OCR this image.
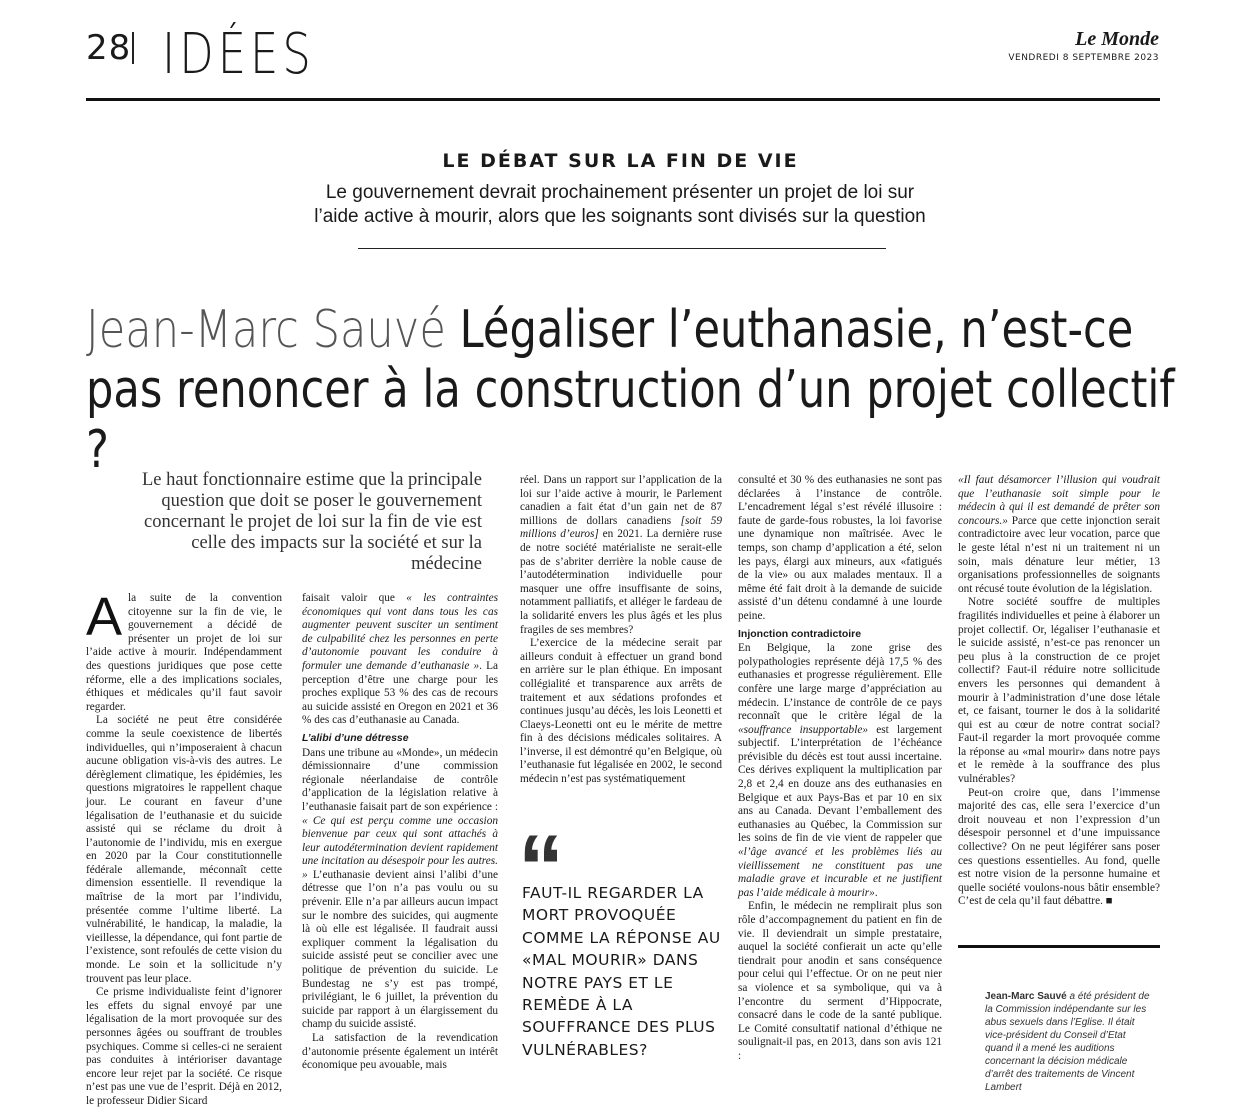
28 IDÉES	Le Monde
VENDREDI 8 SEPTEMBRE 2023
LE DÉBAT SUR LA FIN DE VIE
Le gouvernement devrait prochainement présenter un projet de loi sur l’aide active à mourir, alors que les soignants sont divisés sur la question
Jean-Marc Sauvé Légaliser l’euthanasie, n’est-ce pas renoncer à la construction d’un projet collectif ?	Le haut fonctionnaire estime que la principale question que doit se poser le gouvernement concernant le projet de loi sur la fin de vie est celle des impacts sur la société et sur la médecine

Ala suite de la convention citoyenne sur la fin de vie, le gouvernement a décidé de présenter un projet de loi sur l’aide active à mourir. Indépendamment des questions juridiques que pose cette réforme, elle a des implications sociales, éthiques et médicales qu’il faut savoir regarder.

La société ne peut être considérée comme la seule coexistence de libertés individuelles, qui n’imposeraient à chacun aucune obligation vis-à-vis des autres. Le dérèglement climatique, les épidémies, les questions migratoires le rappellent chaque jour. Le courant en faveur d’une légalisation de l’euthanasie et du suicide assisté qui se réclame du droit à l’autonomie de l’individu, mis en exergue en 2020 par la Cour constitutionnelle fédérale allemande, méconnaît cette dimension essentielle. Il revendique la maîtrise de la mort par l’individu, présentée comme l’ultime liberté. La vulnérabilité, le handicap, la maladie, la vieillesse, la dépendance, qui font partie de l’existence, sont refoulés de cette vision du monde. Le soin et la sollicitude n’y trouvent pas leur place.

Ce prisme individualiste feint d’ignorer les effets du signal envoyé par une légalisation de la mort provoquée sur des personnes âgées ou souffrant de troubles psychiques. Comme si celles-ci ne seraient pas conduites à intérioriser davantage encore leur rejet par la société. Ce risque n’est pas une vue de l’esprit. Déjà en 2012, le professeur Didier Sicard

faisait valoir que « les contraintes économiques qui vont dans tous les cas augmenter peuvent susciter un sentiment de culpabilité chez les personnes en perte d’autonomie pouvant les conduire à formuler une demande d’euthanasie ». La perception d’être une charge pour les proches explique 53 % des cas de recours au suicide assisté en Oregon en 2021 et 36 % des cas d’euthanasie au Canada.

L’alibi d’une détresse

Dans une tribune au «Monde», un médecin démissionnaire d’une commission régionale néerlandaise de contrôle d’application de la législation relative à l’euthanasie faisait part de son expérience : « Ce qui est perçu comme une occasion bienvenue par ceux qui sont attachés à leur autodétermination devient rapidement une incitation au désespoir pour les autres. » L’euthanasie devient ainsi l’alibi d’une détresse que l’on n’a pas voulu ou su prévenir. Elle n’a par ailleurs aucun impact sur le nombre des suicides, qui augmente là où elle est légalisée. Il faudrait aussi expliquer comment la légalisation du suicide assisté peut se concilier avec une politique de prévention du suicide. Le Bundestag ne s’y est pas trompé, privilégiant, le 6 juillet, la prévention du suicide par rapport à un élargissement du champ du suicide assisté.

La satisfaction de la revendication d’autonomie présente également un intérêt économique peu avouable, mais

réel. Dans un rapport sur l’application de la loi sur l’aide active à mourir, le Parlement canadien a fait état d’un gain net de 87 millions de dollars canadiens [soit 59 millions d’euros] en 2021. La dernière ruse de notre société matérialiste ne serait-elle pas de s’abriter derrière la noble cause de l’autodétermination individuelle pour masquer une offre insuffisante de soins, notamment palliatifs, et alléger le fardeau de la solidarité envers les plus âgés et les plus fragiles de ses membres?

L’exercice de la médecine serait par ailleurs conduit à effectuer un grand bond en arrière sur le plan éthique. En imposant collégialité et transparence aux arrêts de traitement et aux sédations profondes et continues jusqu’au décès, les lois Leonetti et Claeys-Leonetti ont eu le mérite de mettre fin à des décisions médicales solitaires. A l’inverse, il est démontré qu’en Belgique, où l’euthanasie fut légalisée en 2002, le second médecin n’est pas systématiquement

“
FAUT-IL REGARDER LA MORT PROVOQUÉE COMME LA RÉPONSE AU «MAL MOURIR» DANS NOTRE PAYS ET LE REMÈDE À LA SOUFFRANCE DES PLUS VULNÉRABLES?

consulté et 30 % des euthanasies ne sont pas déclarées à l’instance de contrôle. L’encadrement légal s’est révélé illusoire : faute de garde-fous robustes, la loi favorise une dynamique non maîtrisée. Avec le temps, son champ d’application a été, selon les pays, élargi aux mineurs, aux «fatigués de la vie» ou aux malades mentaux. Il a même été fait droit à la demande de suicide assisté d’un détenu condamné à une lourde peine.

Injonction contradictoire

En Belgique, la zone grise des polypathologies représente déjà 17,5 % des euthanasies et progresse régulièrement. Elle confère une large marge d’appréciation au médecin. L’instance de contrôle de ce pays reconnaît que le critère légal de la «souffrance insupportable» est largement subjectif. L’interprétation de l’échéance prévisible du décès est tout aussi incertaine. Ces dérives expliquent la multiplication par 2,8 et 2,4 en douze ans des euthanasies en Belgique et aux Pays-Bas et par 10 en six ans au Canada. Devant l’emballement des euthanasies au Québec, la Commission sur les soins de fin de vie vient de rappeler que «l’âge avancé et les problèmes liés au vieillissement ne constituent pas une maladie grave et incurable et ne justifient pas l’aide médicale à mourir».

Enfin, le médecin ne remplirait plus son rôle d’accompagnement du patient en fin de vie. Il deviendrait un simple prestataire, auquel la société confierait un acte qu’elle tiendrait pour anodin et sans conséquence pour celui qui l’effectue. Or on ne peut nier sa violence et sa symbolique, qui va à l’encontre du serment d’Hippocrate, consacré dans le code de la santé publique. Le Comité consultatif national d’éthique ne soulignait-il pas, en 2013, dans son avis 121 :

«Il faut désamorcer l’illusion qui voudrait que l’euthanasie soit simple pour le médecin à qui il est demandé de prêter son concours.» Parce que cette injonction serait contradictoire avec leur vocation, parce que le geste létal n’est ni un traitement ni un soin, mais dénature leur métier, 13 organisations professionnelles de soignants ont récusé toute évolution de la législation.

Notre société souffre de multiples fragilités individuelles et peine à élaborer un projet collectif. Or, légaliser l’euthanasie et le suicide assisté, n’est-ce pas renoncer un peu plus à la construction de ce projet collectif? Faut-il réduire notre sollicitude envers les personnes qui demandent à mourir à l’administration d’une dose létale et, ce faisant, tourner le dos à la solidarité qui est au cœur de notre contrat social? Faut-il regarder la mort provoquée comme la réponse au «mal mourir» dans notre pays et le remède à la souffrance des plus vulnérables?

Peut-on croire que, dans l’immense majorité des cas, elle sera l’exercice d’un droit nouveau et non l’expression d’un désespoir personnel et d’une impuissance collective? On ne peut légiférer sans poser ces questions essentielles. Au fond, quelle est notre vision de la personne humaine et quelle société voulons-nous bâtir ensemble? C’est de cela qu’il faut débattre. ■

Jean-Marc Sauvé a été président de la Commission indépendante sur les abus sexuels dans l’Eglise. Il était vice-président du Conseil d’Etat quand il a mené les auditions concernant la décision médicale d’arrêt des traitements de Vincent Lambert
